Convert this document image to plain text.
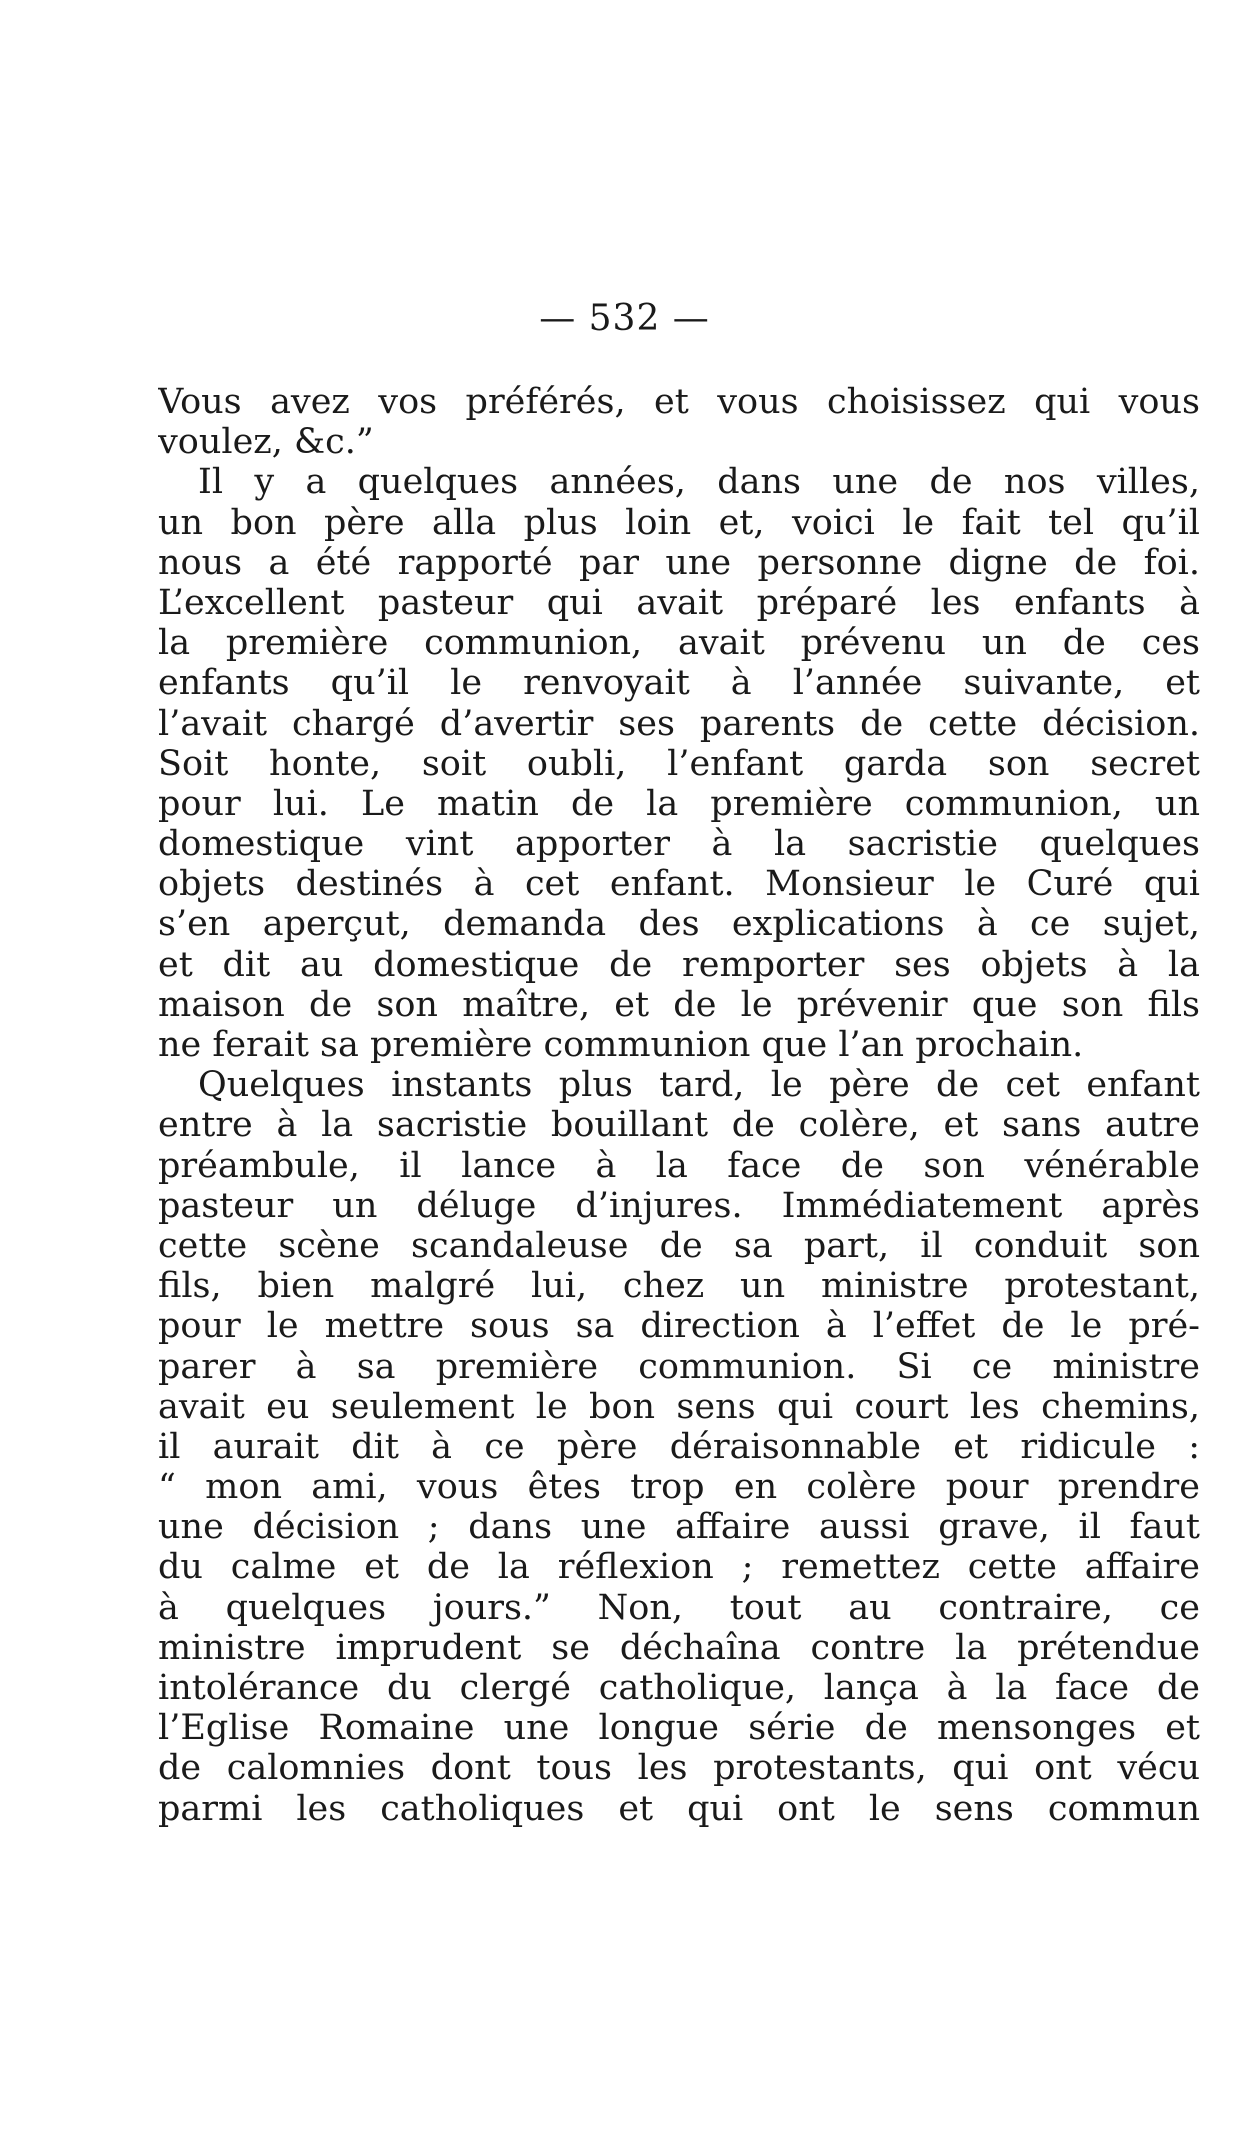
— 532 —
Vous avez vos préférés, et vous choisissez qui vous
voulez, &c.”
Il y a quelques années, dans une de nos villes,
un bon père alla plus loin et, voici le fait tel qu’il
nous a été rapporté par une personne digne de foi.
L’excellent pasteur qui avait préparé les enfants à
la première communion, avait prévenu un de ces
enfants qu’il le renvoyait à l’année suivante, et
l’avait chargé d’avertir ses parents de cette décision.
Soit honte, soit oubli, l’enfant garda son secret
pour lui. Le matin de la première communion, un
domestique vint apporter à la sacristie quelques
objets destinés à cet enfant. Monsieur le Curé qui
s’en aperçut, demanda des explications à ce sujet,
et dit au domestique de remporter ses objets à la
maison de son maître, et de le prévenir que son fils
ne ferait sa première communion que l’an prochain.
Quelques instants plus tard, le père de cet enfant
entre à la sacristie bouillant de colère, et sans autre
préambule, il lance à la face de son vénérable
pasteur un déluge d’injures. Immédiatement après
cette scène scandaleuse de sa part, il conduit son
fils, bien malgré lui, chez un ministre protestant,
pour le mettre sous sa direction à l’effet de le pré-
parer à sa première communion. Si ce ministre
avait eu seulement le bon sens qui court les chemins,
il aurait dit à ce père déraisonnable et ridicule :
“ mon ami, vous êtes trop en colère pour prendre
une décision ; dans une affaire aussi grave, il faut
du calme et de la réflexion ; remettez cette affaire
à quelques jours.” Non, tout au contraire, ce
ministre imprudent se déchaîna contre la prétendue
intolérance du clergé catholique, lança à la face de
l’Eglise Romaine une longue série de mensonges et
de calomnies dont tous les protestants, qui ont vécu
parmi les catholiques et qui ont le sens commun
